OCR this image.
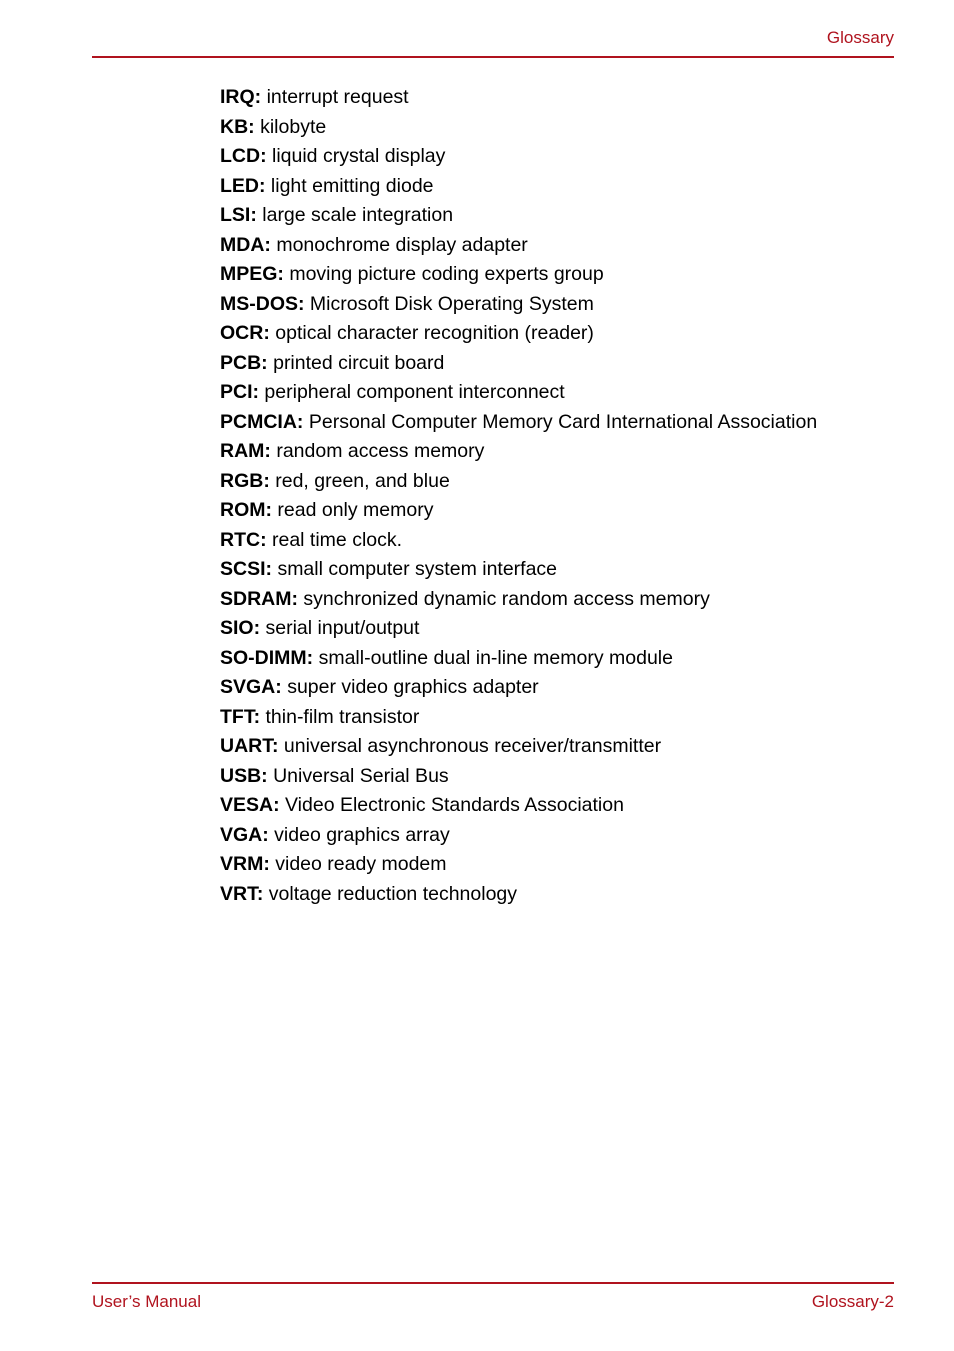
Glossary
IRQ: interrupt request
KB: kilobyte
LCD: liquid crystal display
LED: light emitting diode
LSI: large scale integration
MDA: monochrome display adapter
MPEG: moving picture coding experts group
MS-DOS: Microsoft Disk Operating System
OCR: optical character recognition (reader)
PCB: printed circuit board
PCI: peripheral component interconnect
PCMCIA: Personal Computer Memory Card International Association
RAM: random access memory
RGB: red, green, and blue
ROM: read only memory
RTC: real time clock.
SCSI: small computer system interface
SDRAM: synchronized dynamic random access memory
SIO: serial input/output
SO-DIMM: small-outline dual in-line memory module
SVGA: super video graphics adapter
TFT: thin-film transistor
UART: universal asynchronous receiver/transmitter
USB: Universal Serial Bus
VESA: Video Electronic Standards Association
VGA: video graphics array
VRM: video ready modem
VRT: voltage reduction technology
User’s Manual	Glossary-2
